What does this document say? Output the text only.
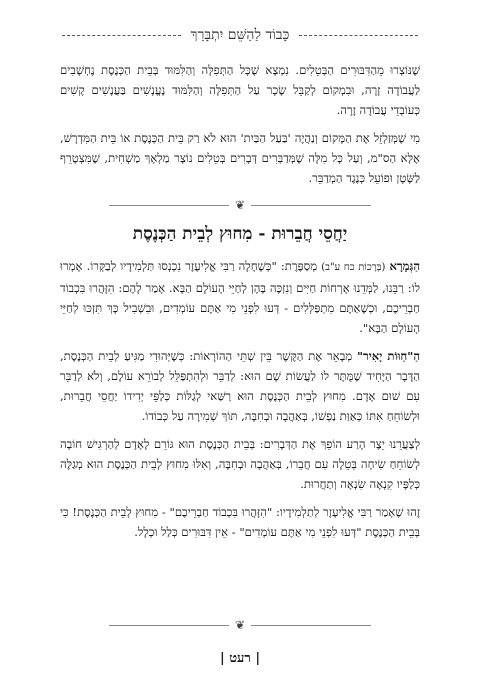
כָּבוֹד לַהַשֵּׁם יִתְבָּרַךְ

שֶׁנּוֹצְרוּ מֵהַדִּבּוּרִים הַבְּטֵלִים. נִמְצָא שֶׁכָּל הַתְּפִלָּה וְהַלִּמּוּד בְּבֵית הַכְּנֶסֶת נֶחְשָׁבִים לַעֲבוֹדָה זָרָה, וּבִמְקוֹם לְקַבֵּל שָׂכָר עַל הַתְּפִלָּה וְהַלִּמּוּד נֶעֱנָשִׁים בַּעֲנָשִׁים קָשִׁים כְּעוֹבְדֵי עֲבוֹדָה זָרָה.

מִי שֶׁמְּזַלְזֵל אֶת הַמָּקוֹם וְנַהֲיֶה 'בַּעַל הַבַּיִת' הוּא לֹא רַק בֵּית הַכְּנֶסֶת אוֹ בֵּית הַמִּדְרָשׁ, אֶלָּא הַס"מ, וְעַל כָּל מִלָּה שֶׁמְּדַבְּרִים דְּבָרִים בְּטֵלִים נוֹצָר מַלְאָךְ מַשְׁחִית, שֶׁמִּצְטָרֵף לַשָּׂטָן וּפוֹעֵל כְּנֶגֶד הַמְדַבֵּר.

❦
יַחֲסֵי חֲבֵרוּת - מִחוּץ לְבֵית הַכְּנֶסֶת

הַגְּמָרָא (בְּרָכוֹת כח ע"ב) מְסַפֶּרֶת: "כְּשֶׁחָלָה רַבִּי אֱלִיעֶזֶר נִכְנְסוּ תַּלְמִידָיו לְבַקְּרוֹ. אָמְרוּ לוֹ: רַבֵּנוּ, לַמְּדֵנוּ אָרְחוֹת חַיִּים וְנִזְכֶּה בָּהֶן לְחַיֵּי הָעוֹלָם הַבָּא. אָמַר לָהֶם: הִזָּהֲרוּ בִּכְבוֹד חַבְרֵיכֶם, וּכְשֶׁאַתֶּם מִתְפַּלְּלִים - דְּעוּ לִפְנֵי מִי אַתֶּם עוֹמְדִים, וּבִשְׁבִיל כָּךְ תִּזְכּוּ לְחַיֵּי הָעוֹלָם הַבָּא".

הַ"חַוּוֹת יָאִיר" מְבָאֵר אֶת הַקֶּשֶׁר בֵּין שְׁתֵּי הַהוֹרָאוֹת: כְּשֶׁיְּהוּדִי מַגִּיעַ לְבֵית הַכְּנֶסֶת, הַדָּבָר הַיָּחִיד שֶׁמֻּתָּר לוֹ לַעֲשׂוֹת שָׁם הוּא: לְדַבֵּר וּלְהִתְפַּלֵּל לְבוֹרֵא עוֹלָם, וְלֹא לְדַבֵּר עִם שׁוּם אָדָם. מִחוּץ לְבֵית הַכְּנֶסֶת הוּא רַשַּׁאי לְגַלּוֹת כְּלַפֵּי יְדִידוֹ יַחֲסֵי חֲבֵרוּת, וּלְשׂוֹחֵחַ אִתּוֹ כְּאַוַּת נַפְשׁוֹ, בְּאַהֲבָה וּבְחִבָּה, תּוֹךְ שְׁמִירָה עַל כְּבוֹדוֹ.

לְצַעֲרֵנוּ יֵצֶר הָרַע הוֹפֵךְ אֶת הַדְּבָרִים: בְּבֵית הַכְּנֶסֶת הוּא גּוֹרֵם לָאָדָם לְהַרְגִּישׁ חוֹבָה לְשׂוֹחֵחַ שִׂיחָה בְּטֵלָה עִם חֲבֵרוֹ, בְּאַהֲבָה וּבְחִבָּה, וְאִלּוּ מִחוּץ לְבֵית הַכְּנֶסֶת הוּא מְגַלֶּה כְּלַפָּיו קִנְאָה שִׂנְאָה וְתַחֲרוּת.

זֶהוּ שֶׁאָמַר רַבִּי אֱלִיעֶזֶר לְתַלְמִידָיו: "הִזָּהֲרוּ בִּכְבוֹד חַבְרֵיכֶם" - מִחוּץ לְבֵית הַכְּנֶסֶת! כִּי בְּבֵית הַכְּנֶסֶת "דְּעוּ לִפְנֵי מִי אַתֶּם עוֹמְדִים" - אֵין דִּבּוּרִים כְּלַל וּכְלָל.

❦
| רעט |
